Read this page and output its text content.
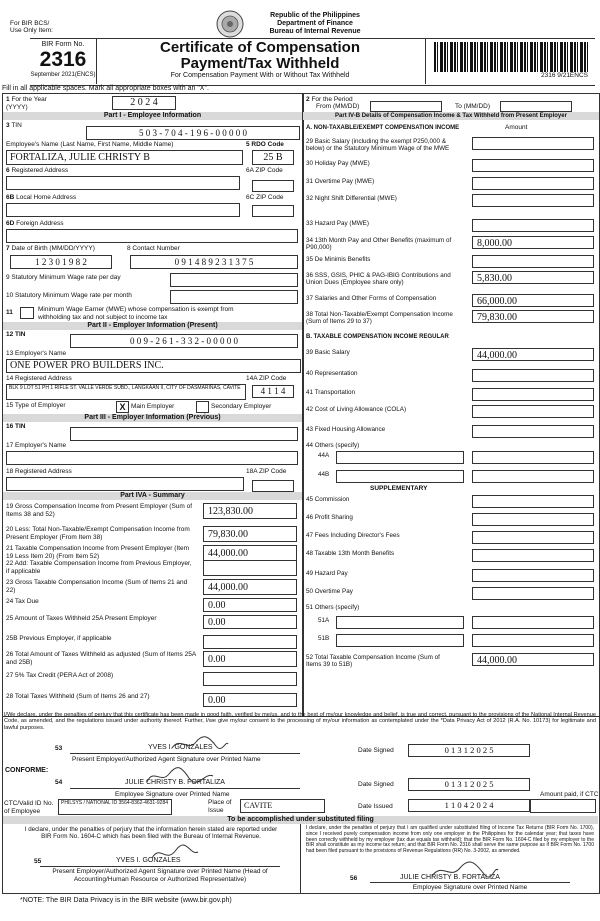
For BIR BCS/
Use Only Item:
Republic of the Philippines
Department of Finance
Bureau of Internal Revenue
BIR Form No.
2316
September 2021(ENCS)
Certificate of Compensation
Payment/Tax Withheld
For Compensation Payment With or Without Tax Withheld	2316 9/21ENCS
Fill in all applicable spaces. Mark all appropriate boxes with an "X".
1 For the Year
(YYYY)	2 0 2 4
Part I - Employee Information
3 TIN
5 0 3 - 7 0 4 - 1 9 6 - 0 0 0 0 0
Employee's Name (Last Name, First Name, Middle Name)	5 RDO Code
FORTALIZA, JULIE CHRISTY B	25 B
6 Registered Address	6A ZIP Code
6B Local Home Address	6C ZIP Code
6D Foreign Address
7 Date of Birth (MM/DD/YYYY)	8 Contact Number
1 2 3 0 1 9 8 2	0 9 1 4 8 9 2 3 1 3 7 5
9 Statutory Minimum Wage rate per day
10 Statutory Minimum Wage rate per month
11	Minimum Wage Earner (MWE) whose compensation is exempt from withholding tax and not subject to income tax
Part II - Employer Information (Present)
12 TIN
0 0 9 - 2 6 1 - 3 3 2 - 0 0 0 0 0
13 Employer's Name
ONE POWER PRO BUILDERS INC.
14 Registered Address	14A ZIP Code
BLK 9 LOT 51 PH 1 RIFLE ST. VALLE VERDE SUBD., LANGKAAN II, CITY OF DASMARIÑAS, CAVITE	4 1 1 4
15 Type of Employer	X Main Employer	Secondary Employer
Part III - Employer Information (Previous)
16 TIN
17 Employer's Name
18 Registered Address	18A ZIP Code
Part IVA - Summary
19 Gross Compensation Income from Present Employer (Sum of Items 38 and 52)	123,830.00
20 Less: Total Non-Taxable/Exempt Compensation Income from Present Employer (From Item 38)	79,830.00
21 Taxable Compensation Income from Present Employer (Item 19 Less Item 20) (From Item 52)	44,000.00
22 Add: Taxable Compensation Income from Previous Employer, if applicable
23 Gross Taxable Compensation Income (Sum of Items 21 and 22)	44,000.00
24 Tax Due	0.00
25 Amount of Taxes Withheld 25A Present Employer	0.00
25B Previous Employer, if applicable
26 Total Amount of Taxes Withheld as adjusted (Sum of Items 25A and 25B)	0.00
27 5% Tax Credit (PERA Act of 2008)
28 Total Taxes Withheld (Sum of Items 26 and 27)	0.00
2 For the Period
From (MM/DD)	To (MM/DD)
Part IV-B Details of Compensation Income & Tax Withheld from Present Employer
A. NON-TAXABLE/EXEMPT COMPENSATION INCOME	Amount
29 Basic Salary (including the exempt P250,000 & below) or the Statutory Minimum Wage of the MWE
30 Holiday Pay (MWE)
31 Overtime Pay (MWE)
32 Night Shift Differential (MWE)
33 Hazard Pay (MWE)
34 13th Month Pay and Other Benefits (maximum of P90,000)	8,000.00
35 De Minimis Benefits
36 SSS, GSIS, PHIC & PAG-IBIG Contributions and Union Dues (Employee share only)	5,830.00
37 Salaries and Other Forms of Compensation	66,000.00
38 Total Non-Taxable/Exempt Compensation Income (Sum of Items 29 to 37)	79,830.00
B. TAXABLE COMPENSATION INCOME REGULAR
39 Basic Salary	44,000.00
40 Representation
41 Transportation
42 Cost of Living Allowance (COLA)
43 Fixed Housing Allowance
44 Others (specify)
44A
44B
SUPPLEMENTARY
45 Commission
46 Profit Sharing
47 Fees Including Director's Fees
48 Taxable 13th Month Benefits
49 Hazard Pay
50 Overtime Pay
51 Others (specify)
51A
51B
52 Total Taxable Compensation Income (Sum of Items 39 to 51B)	44,000.00
I/We declare, under the penalties of perjury that this certificate has been made in good faith, verified by me/us, and to the best of my/our knowledge and belief, is true and correct, pursuant to the provisions of the National Internal Revenue Code, as amended, and the regulations issued under authority thereof. Further, I/we give my/our consent to the processing of my/our information as contemplated under the *Data Privacy Act of 2012 (R.A. No. 10173) for legitimate and lawful purposes.
53	YVES I. GONZALES
Present Employer/Authorized Agent Signature over Printed Name
Date Signed	0 1 3 1 2 0 2 5
CONFORME:
54	JULIE CHRISTY B. FORTALIZA
Employee Signature over Printed Name
Date Signed	0 1 3 1 2 0 2 5
Amount paid, if CTC
CTC/Valid ID No. of Employee
PHILSYS / NATIONAL ID 3564-8362-4631-9284	Place of Issue	CAVITE	Date Issued	1 1 0 4 2 0 2 4
To be accomplished under substituted filing
I declare, under the penalties of perjury that the information herein stated are reported under BIR Form No. 1604-C which has been filed with the Bureau of Internal Revenue.
55	YVES I. GONZALES
Present Employer/Authorized Agent Signature over Printed Name (Head of Accounting/Human Resource or Authorized Representative)
I declare, under the penalties of perjury that I am qualified under substituted filing of Income Tax Returns (BIR Form No. 1700), since I received purely compensation income from only one employer in the Philippines for the calendar year; that taxes have been correctly withheld by my employer (tax due equals tax withheld); that the BIR Form No. 1604-C filed by my employer to the BIR shall constitute as my income tax return; and that BIR Form No. 2316 shall serve the same purpose as if BIR Form No. 1700 had been filed pursuant to the provisions of Revenue Regulations (RR) No. 3-2002, as amended.
56	JULIE CHRISTY B. FORTALIZA
Employee Signature over Printed Name
*NOTE: The BIR Data Privacy is in the BIR website (www.bir.gov.ph)
